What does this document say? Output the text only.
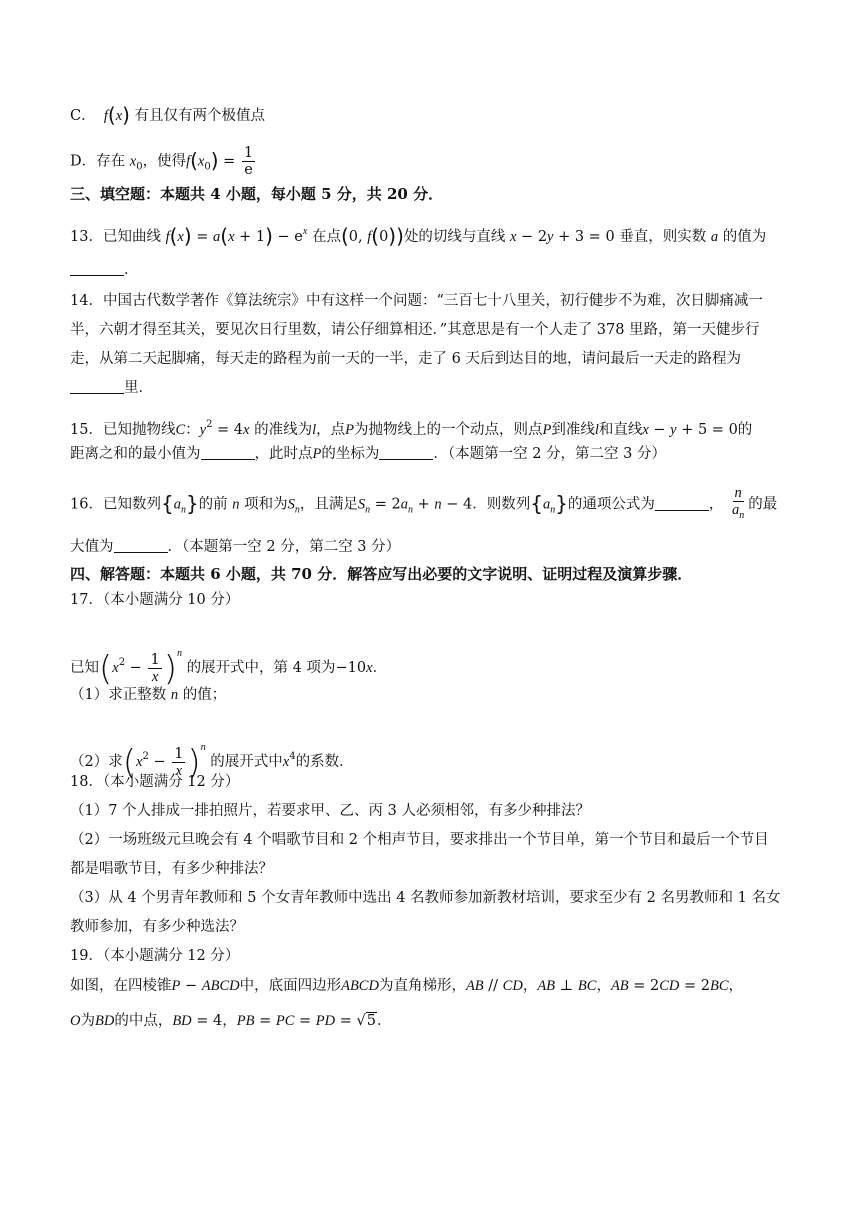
C．  f(x) 有且仅有两个极值点
D．存在 $x_0$，使得$f(x_0) = \frac{1}{e}$
三、填空题：本题共 4 小题，每小题 5 分，共 20 分．
13．已知曲线 $f(x) = a(x + 1) - e^x$ 在点(0, f(0))处的切线与直线 x − 2y + 3 = 0 垂直，则实数 a 的值为
．
14．中国古代数学著作《算法统宗》中有这样一个问题：“三百七十八里关，初行健步不为难，次日脚痛减一
半，六朝才得至其关，要见次日行里数，请公仔细算相还．”其意思是有一个人走了 378 里路，第一天健步行
走，从第二天起脚痛，每天走的路程为前一天的一半，走了 6 天后到达目的地，请问最后一天走的路程为
里．
15．已知抛物线C：$y^2 = 4x$ 的准线为l，点P为抛物线上的一个动点，则点P到准线l和直线x − y + 5 = 0的
距离之和的最小值为	，此时点P的坐标为	．（本题第一空 2 分，第二空 3 分）
16．已知数列$\{a_n\}$的前 n 项和为$S_n$，且满足$S_n = 2a_n + n - 4$．则数列$\{a_n\}$的通项公式为	， $\frac{n}{a_n}$ 的最
大值为	．（本题第一空 2 分，第二空 3 分）
四、解答题：本题共 6 小题，共 70 分．解答应写出必要的文字说明、证明过程及演算步骤．
17．（本小题满分 10 分）
已知$(x^2 - \frac{1}{x} )^n$ 的展开式中，第 4 项为−10x．
（1）求正整数 n 的值；
（2）求$(x^2 - \frac{1}{x} )^n$ 的展开式中$x^4$的系数．
18．（本小题满分 12 分）
（1）7 个人排成一排拍照片，若要求甲、乙、丙 3 人必须相邻，有多少种排法？
（2）一场班级元旦晚会有 4 个唱歌节目和 2 个相声节目，要求排出一个节目单，第一个节目和最后一个节目
都是唱歌节目，有多少种排法？
（3）从 4 个男青年教师和 5 个女青年教师中选出 4 名教师参加新教材培训，要求至少有 2 名男教师和 1 名女
教师参加，有多少种选法？
19．（本小题满分 12 分）
如图，在四棱锥P − ABCD中，底面四边形ABCD为直角梯形，AB // CD，AB ⊥ BC，AB = 2CD = 2BC，
O为BD的中点，BD = 4，PB = PC = PD = √5．
